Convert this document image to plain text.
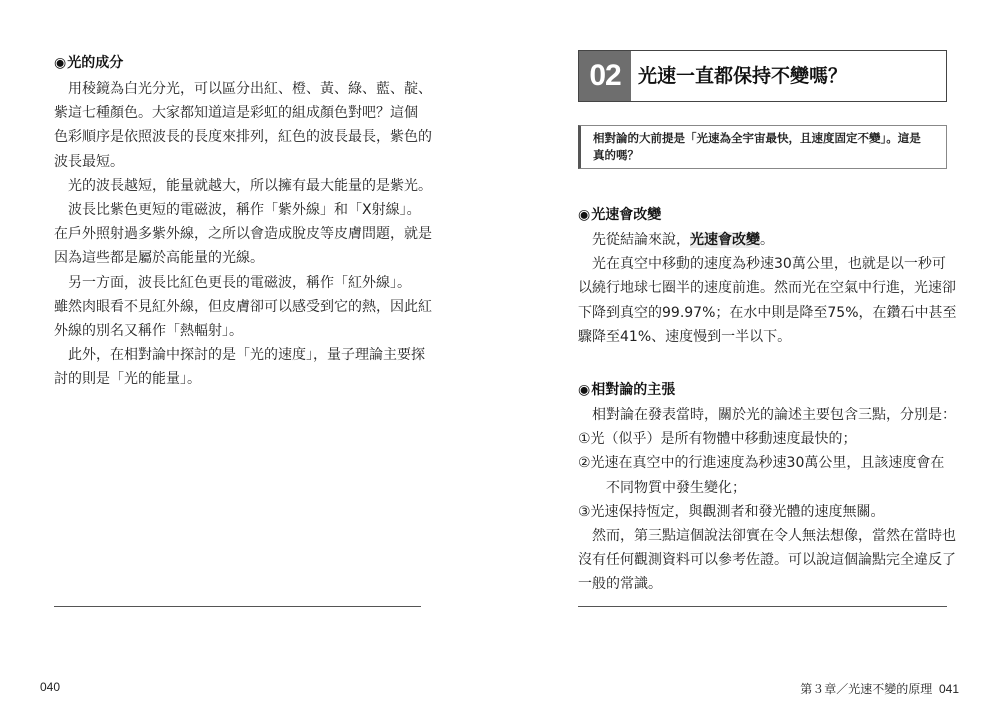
◉光的成分
用稜鏡為白光分光，可以區分出紅、橙、黃、綠、藍、靛、
紫這七種顏色。大家都知道這是彩虹的組成顏色對吧？這個
色彩順序是依照波長的長度來排列，紅色的波長最長，紫色的
波長最短。
光的波長越短，能量就越大，所以擁有最大能量的是紫光。
波長比紫色更短的電磁波，稱作「紫外線」和「X射線」。
在戶外照射過多紫外線，之所以會造成脫皮等皮膚問題，就是
因為這些都是屬於高能量的光線。
另一方面，波長比紅色更長的電磁波，稱作「紅外線」。
雖然肉眼看不見紅外線，但皮膚卻可以感受到它的熱，因此紅
外線的別名又稱作「熱輻射」。
此外，在相對論中探討的是「光的速度」，量子理論主要探
討的則是「光的能量」。
040
02 光速一直都保持不變嗎？
相對論的大前提是「光速為全宇宙最快，且速度固定不變」。這是
真的嗎？
◉光速會改變
先從結論來說，光速會改變。
光在真空中移動的速度為秒速30萬公里，也就是以一秒可
以繞行地球七圈半的速度前進。然而光在空氣中行進，光速卻
下降到真空的99.97%；在水中則是降至75%，在鑽石中甚至
驟降至41%、速度慢到一半以下。
◉相對論的主張
相對論在發表當時，關於光的論述主要包含三點，分別是：
①光（似乎）是所有物體中移動速度最快的；
②光速在真空中的行進速度為秒速30萬公里，且該速度會在
不同物質中發生變化；
③光速保持恆定，與觀測者和發光體的速度無關。
然而，第三點這個說法卻實在令人無法想像，當然在當時也
沒有任何觀測資料可以參考佐證。可以說這個論點完全違反了
一般的常識。
第３章／光速不變的原理 041
